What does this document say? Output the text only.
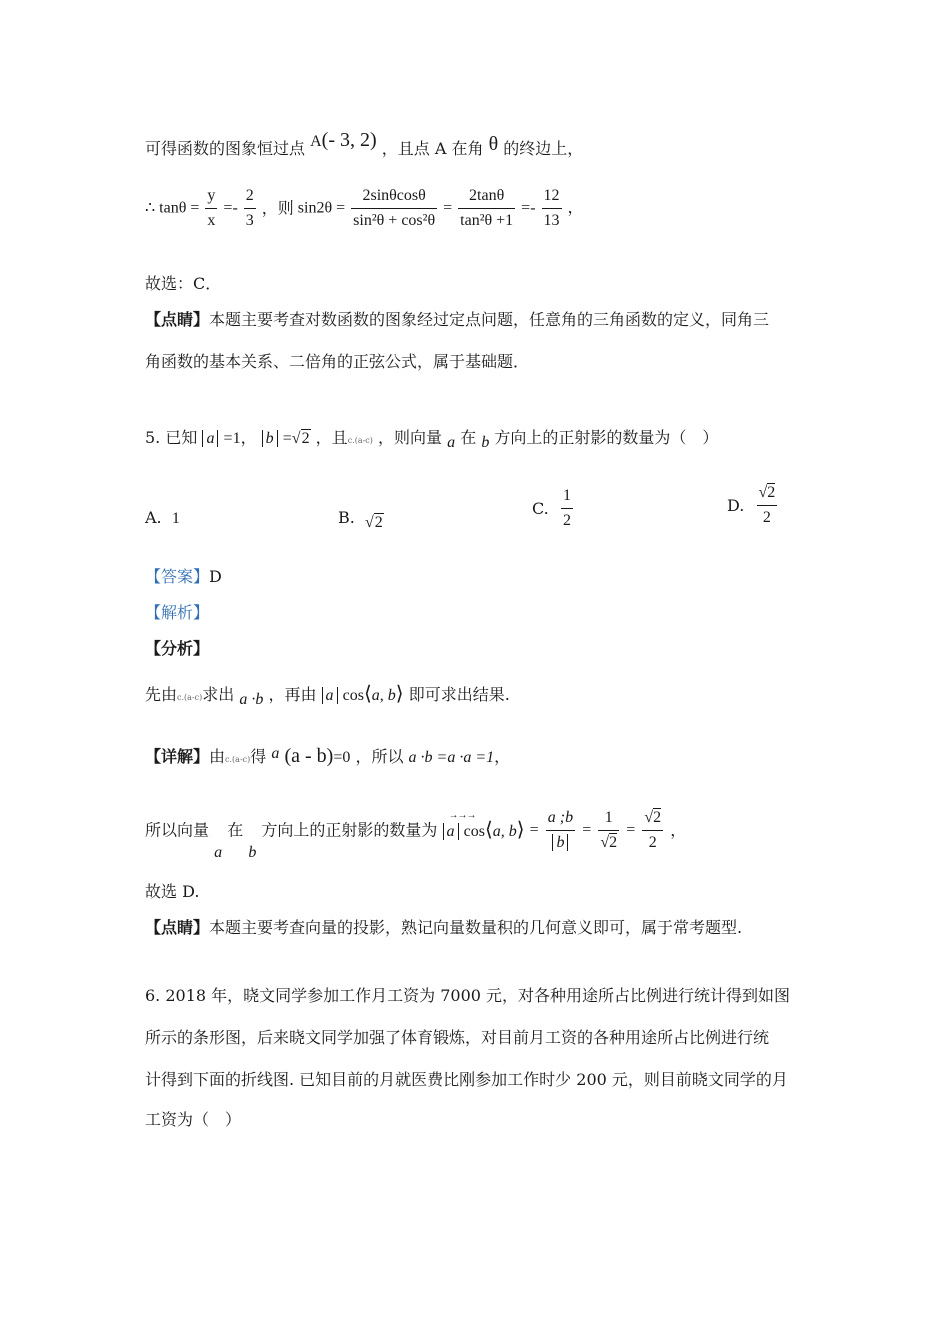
可得函数的图象恒过点 A(- 3, 2) ，且点 A 在角 θ 的终边上，
∴ $\tan\theta = \frac{y}{x} =- \frac{2}{3}$ ，则 $\sin 2\theta = \frac{2\sin\theta\cos\theta}{\text{sin²θ + cos²θ}} = \frac{2\tan\theta}{\text{tan²θ +1}} =- \frac{12}{13}$ ，
故选：C．
【点睛】本题主要考查对数函数的图象经过定点问题，任意角的三角函数的定义，同角三
角函数的基本关系、二倍角的正弦公式，属于基础题．
5. 已知 a =1， b =√2 ，且c.(a-c) ，则向量 a 在 b 方向上的正射影的数量为（　）
A. 1	B. √2
C. $\frac{1}{2}$	D. $\frac{√2}{2}$
【答案】D
【解析】
【分析】
先由c.(a-c)求出 a ·b ，再由 a cos⟨a, b⟩ 即可求出结果.
【详解】由c.(a-c)得 a (a - b)=0 ，所以 a ·b =a ·a =1，
所以向量 a 在 b 方向上的正射影的数量为
→→→
a cos⟨a, b⟩ = $\frac{a ;b}{b} = \frac{1}{√2} = \frac{√2}{2}$ ，
故选 D.
【点睛】本题主要考查向量的投影，熟记向量数量积的几何意义即可，属于常考题型.
6. 2018 年，晓文同学参加工作月工资为 7000 元，对各种用途所占比例进行统计得到如图
所示的条形图，后来晓文同学加强了体育锻炼，对目前月工资的各种用途所占比例进行统
计得到下面的折线图. 已知目前的月就医费比刚参加工作时少 200 元，则目前晓文同学的月
工资为（　）
